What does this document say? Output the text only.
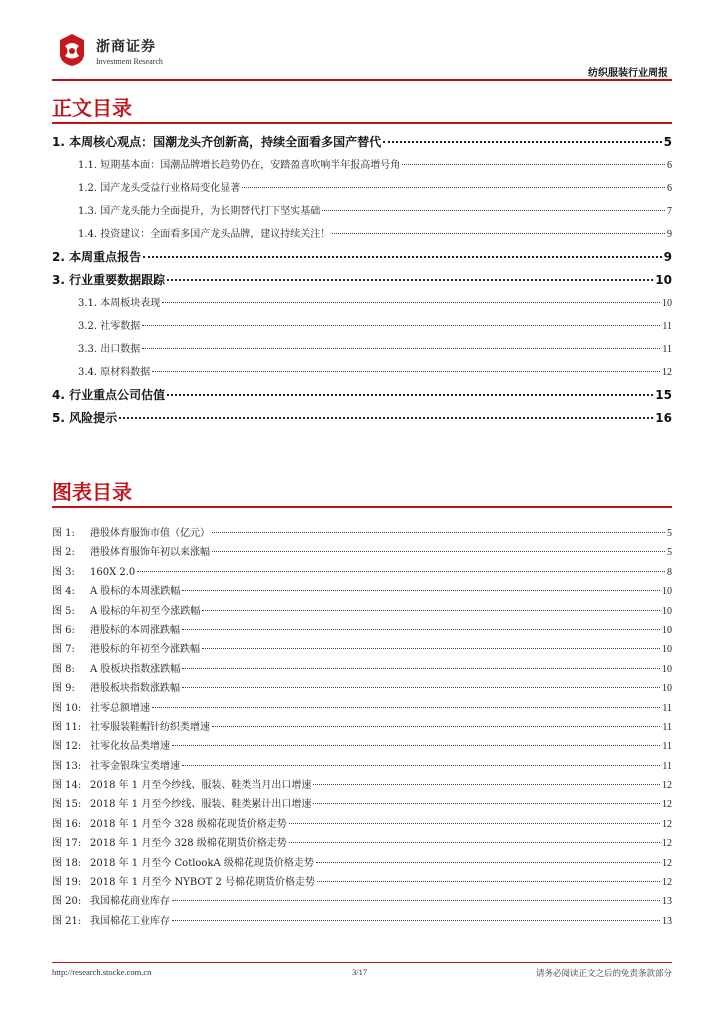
浙商证券
Investment Research
纺织服装行业周报
正文目录
1. 本周核心观点：国潮龙头齐创新高，持续全面看多国产替代	5
1.1. 短期基本面：国潮品牌增长趋势仍在，安踏盈喜吹响半年报高增号角	6
1.2. 国产龙头受益行业格局变化显著	6
1.3. 国产龙头能力全面提升，为长期替代打下坚实基础	7
1.4. 投资建议：全面看多国产龙头品牌，建议持续关注！	9
2. 本周重点报告	9
3. 行业重要数据跟踪	10
3.1. 本周板块表现	10
3.2. 社零数据	11
3.3. 出口数据	11
3.4. 原材料数据	12
4. 行业重点公司估值	15
5. 风险提示	16
图表目录
图 1:	港股体育服饰市值（亿元）	5
图 2:	港股体育服饰年初以来涨幅	5
图 3:	160X 2.0	8
图 4:	A 股标的本周涨跌幅	10
图 5:	A 股标的年初至今涨跌幅	10
图 6:	港股标的本周涨跌幅	10
图 7:	港股标的年初至今涨跌幅	10
图 8:	A 股板块指数涨跌幅	10
图 9:	港股板块指数涨跌幅	10
图 10: 社零总额增速	11
图 11: 社零服装鞋帽针纺织类增速	11
图 12: 社零化妆品类增速	11
图 13: 社零金银珠宝类增速	11
图 14: 2018 年 1 月至今纱线、服装、鞋类当月出口增速	12
图 15: 2018 年 1 月至今纱线、服装、鞋类累计出口增速	12
图 16: 2018 年 1 月至今 328 级棉花现货价格走势	12
图 17: 2018 年 1 月至今 328 级棉花期货价格走势	12
图 18: 2018 年 1 月至今 CotlookA 级棉花现货价格走势	12
图 19: 2018 年 1 月至今 NYBOT 2 号棉花期货价格走势	12
图 20: 我国棉花商业库存	13
图 21: 我国棉花工业库存	13
http://research.stocke.com.cn	3/17	请务必阅读正文之后的免责条款部分
